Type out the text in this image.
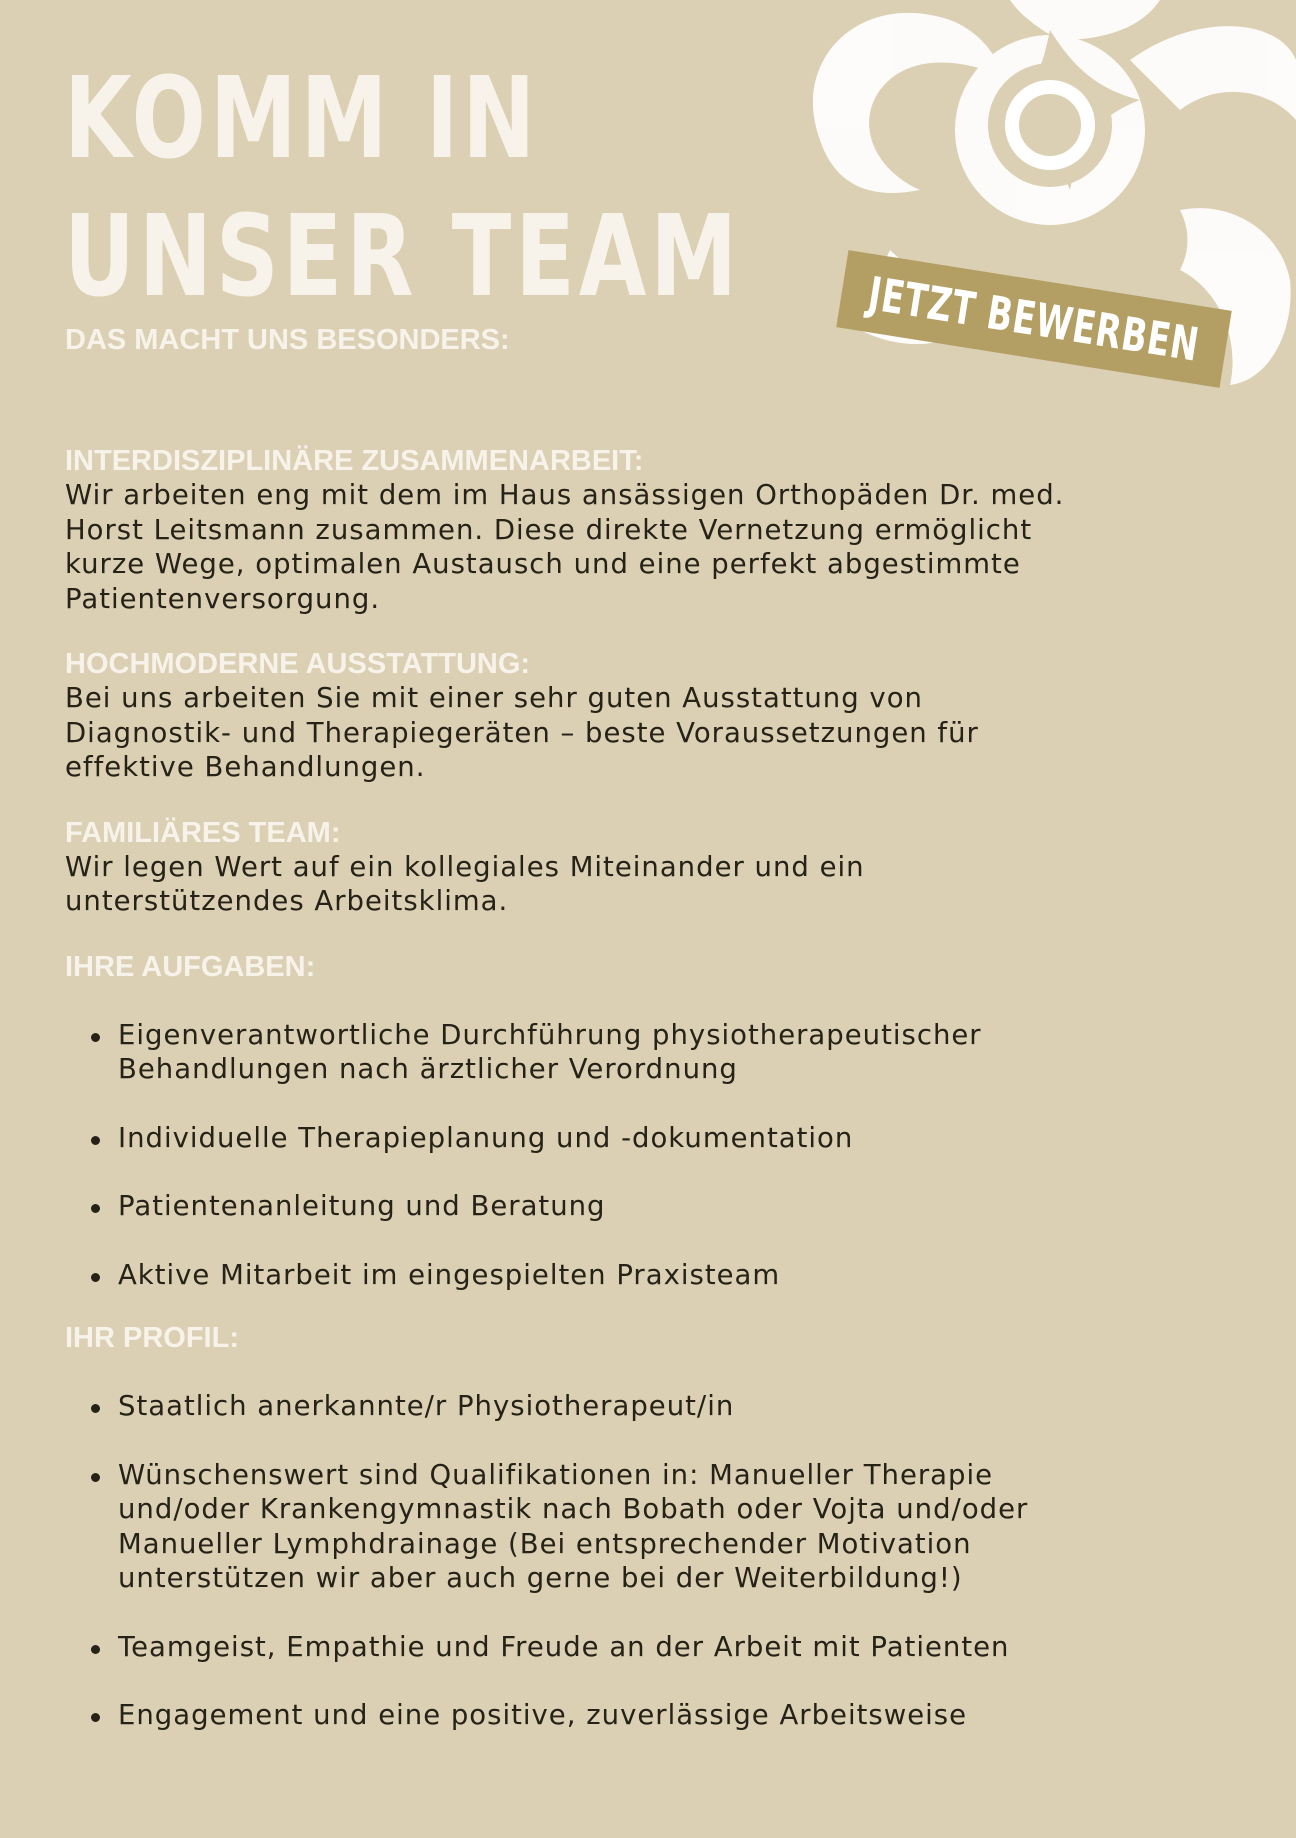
KOMM IN
UNSER TEAM	JETZT BEWERBEN

DAS MACHT UNS BESONDERS:

INTERDISZIPLINÄRE ZUSAMMENARBEIT:

Wir arbeiten eng mit dem im Haus ansässigen Orthopäden Dr. med.
Horst Leitsmann zusammen. Diese direkte Vernetzung ermöglicht
kurze Wege, optimalen Austausch und eine perfekt abgestimmte
Patientenversorgung.

HOCHMODERNE AUSSTATTUNG:

Bei uns arbeiten Sie mit einer sehr guten Ausstattung von
Diagnostik- und Therapiegeräten – beste Voraussetzungen für
effektive Behandlungen.

FAMILIÄRES TEAM:

Wir legen Wert auf ein kollegiales Miteinander und ein
unterstützendes Arbeitsklima.

IHRE AUFGABEN:

Eigenverantwortliche Durchführung physiotherapeutischer
Behandlungen nach ärztlicher Verordnung
Individuelle Therapieplanung und -dokumentation
Patientenanleitung und Beratung
Aktive Mitarbeit im eingespielten Praxisteam

IHR PROFIL:

Staatlich anerkannte/r Physiotherapeut/in
Wünschenswert sind Qualifikationen in: Manueller Therapie
und/oder Krankengymnastik nach Bobath oder Vojta und/oder
Manueller Lymphdrainage (Bei entsprechender Motivation
unterstützen wir aber auch gerne bei der Weiterbildung!)
Teamgeist, Empathie und Freude an der Arbeit mit Patienten
Engagement und eine positive, zuverlässige Arbeitsweise
